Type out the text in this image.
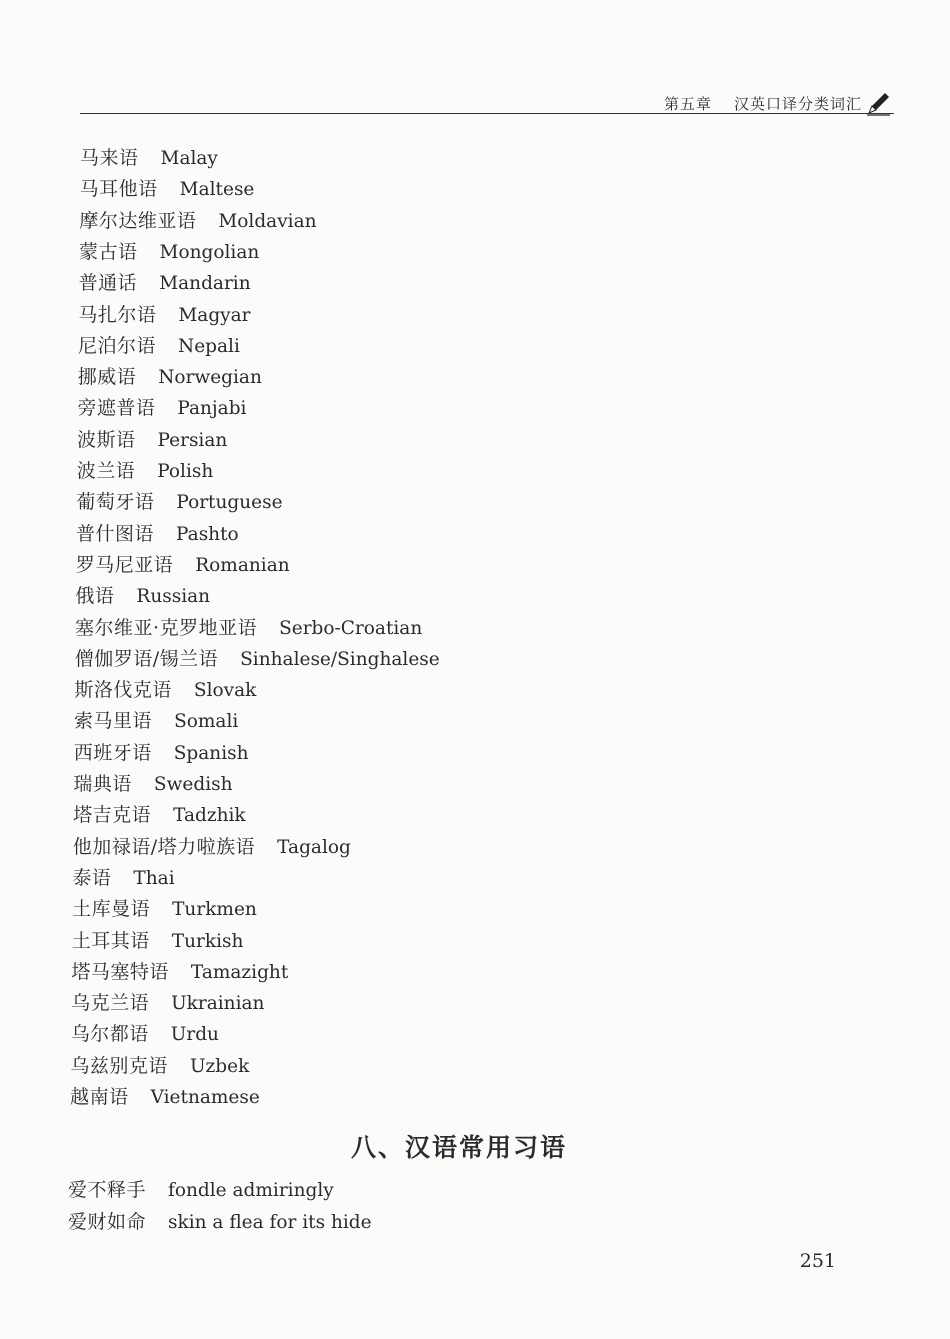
第五章 汉英口译分类词汇
马来语 Malay
马耳他语 Maltese
摩尔达维亚语 Moldavian
蒙古语 Mongolian
普通话 Mandarin
马扎尔语 Magyar
尼泊尔语 Nepali
挪威语 Norwegian
旁遮普语 Panjabi
波斯语 Persian
波兰语 Polish
葡萄牙语 Portuguese
普什图语 Pashto
罗马尼亚语 Romanian
俄语 Russian
塞尔维亚·克罗地亚语 Serbo-Croatian
僧伽罗语/锡兰语 Sinhalese/Singhalese
斯洛伐克语 Slovak
索马里语 Somali
西班牙语 Spanish
瑞典语 Swedish
塔吉克语 Tadzhik
他加禄语/塔力啦族语 Tagalog
泰语 Thai
土库曼语 Turkmen
土耳其语 Turkish
塔马塞特语 Tamazight
乌克兰语 Ukrainian
乌尔都语 Urdu
乌兹别克语 Uzbek
越南语 Vietnamese
八、汉语常用习语
爱不释手 fondle admiringly
爱财如命 skin a flea for its hide
251
